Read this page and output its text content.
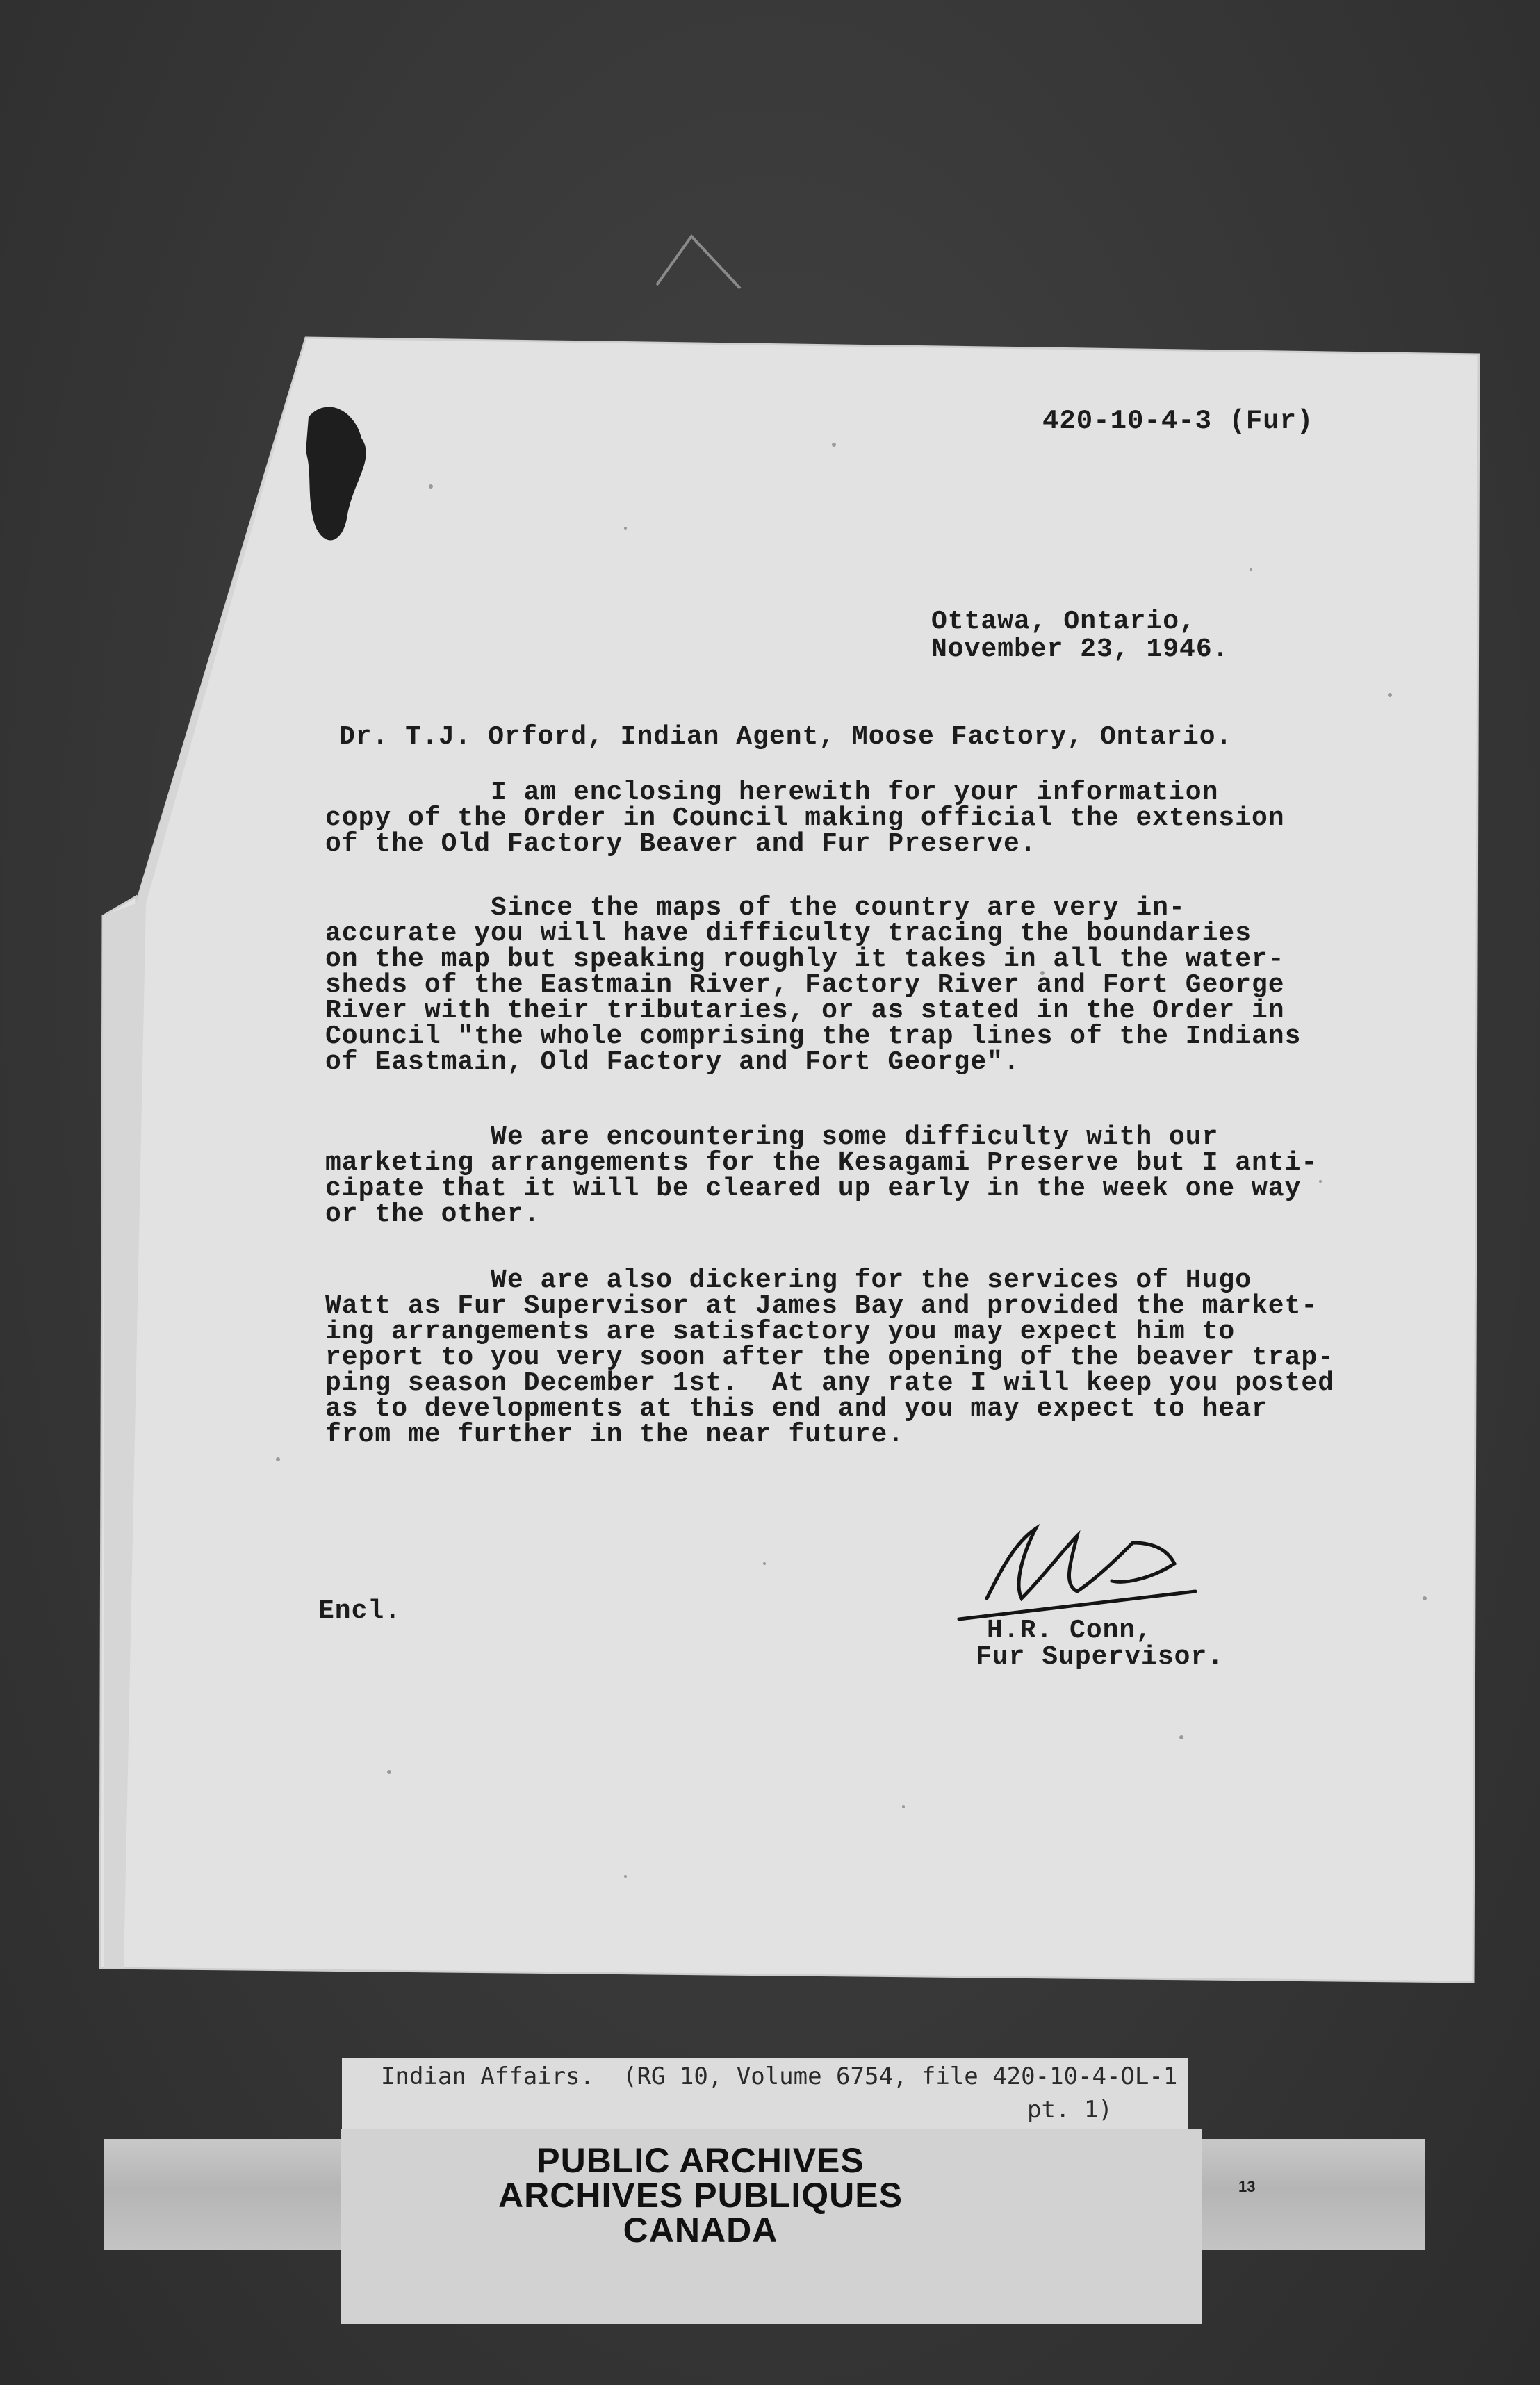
420-10-4-3 (Fur)
Ottawa, Ontario,
November 23, 1946.
Dr. T.J. Orford, Indian Agent, Moose Factory, Ontario.
I am enclosing herewith for your information
copy of the Order in Council making official the extension
of the Old Factory Beaver and Fur Preserve.
Since the maps of the country are very in-
accurate you will have difficulty tracing the boundaries
on the map but speaking roughly it takes in all the water-
sheds of the Eastmain River, Factory River and Fort George
River with their tributaries, or as stated in the Order in
Council "the whole comprising the trap lines of the Indians
of Eastmain, Old Factory and Fort George".
We are encountering some difficulty with our
marketing arrangements for the Kesagami Preserve but I anti-
cipate that it will be cleared up early in the week one way
or the other.
We are also dickering for the services of Hugo
Watt as Fur Supervisor at James Bay and provided the market-
ing arrangements are satisfactory you may expect him to
report to you very soon after the opening of the beaver trap-
ping season December 1st.  At any rate I will keep you posted
as to developments at this end and you may expect to hear
from me further in the near future.
Encl.
H.R. Conn,
Fur Supervisor.
Indian Affairs.  (RG 10, Volume 6754, file 420-10-4-OL-1
pt. 1)
PUBLIC ARCHIVES
ARCHIVES PUBLIQUES
CANADA
13
